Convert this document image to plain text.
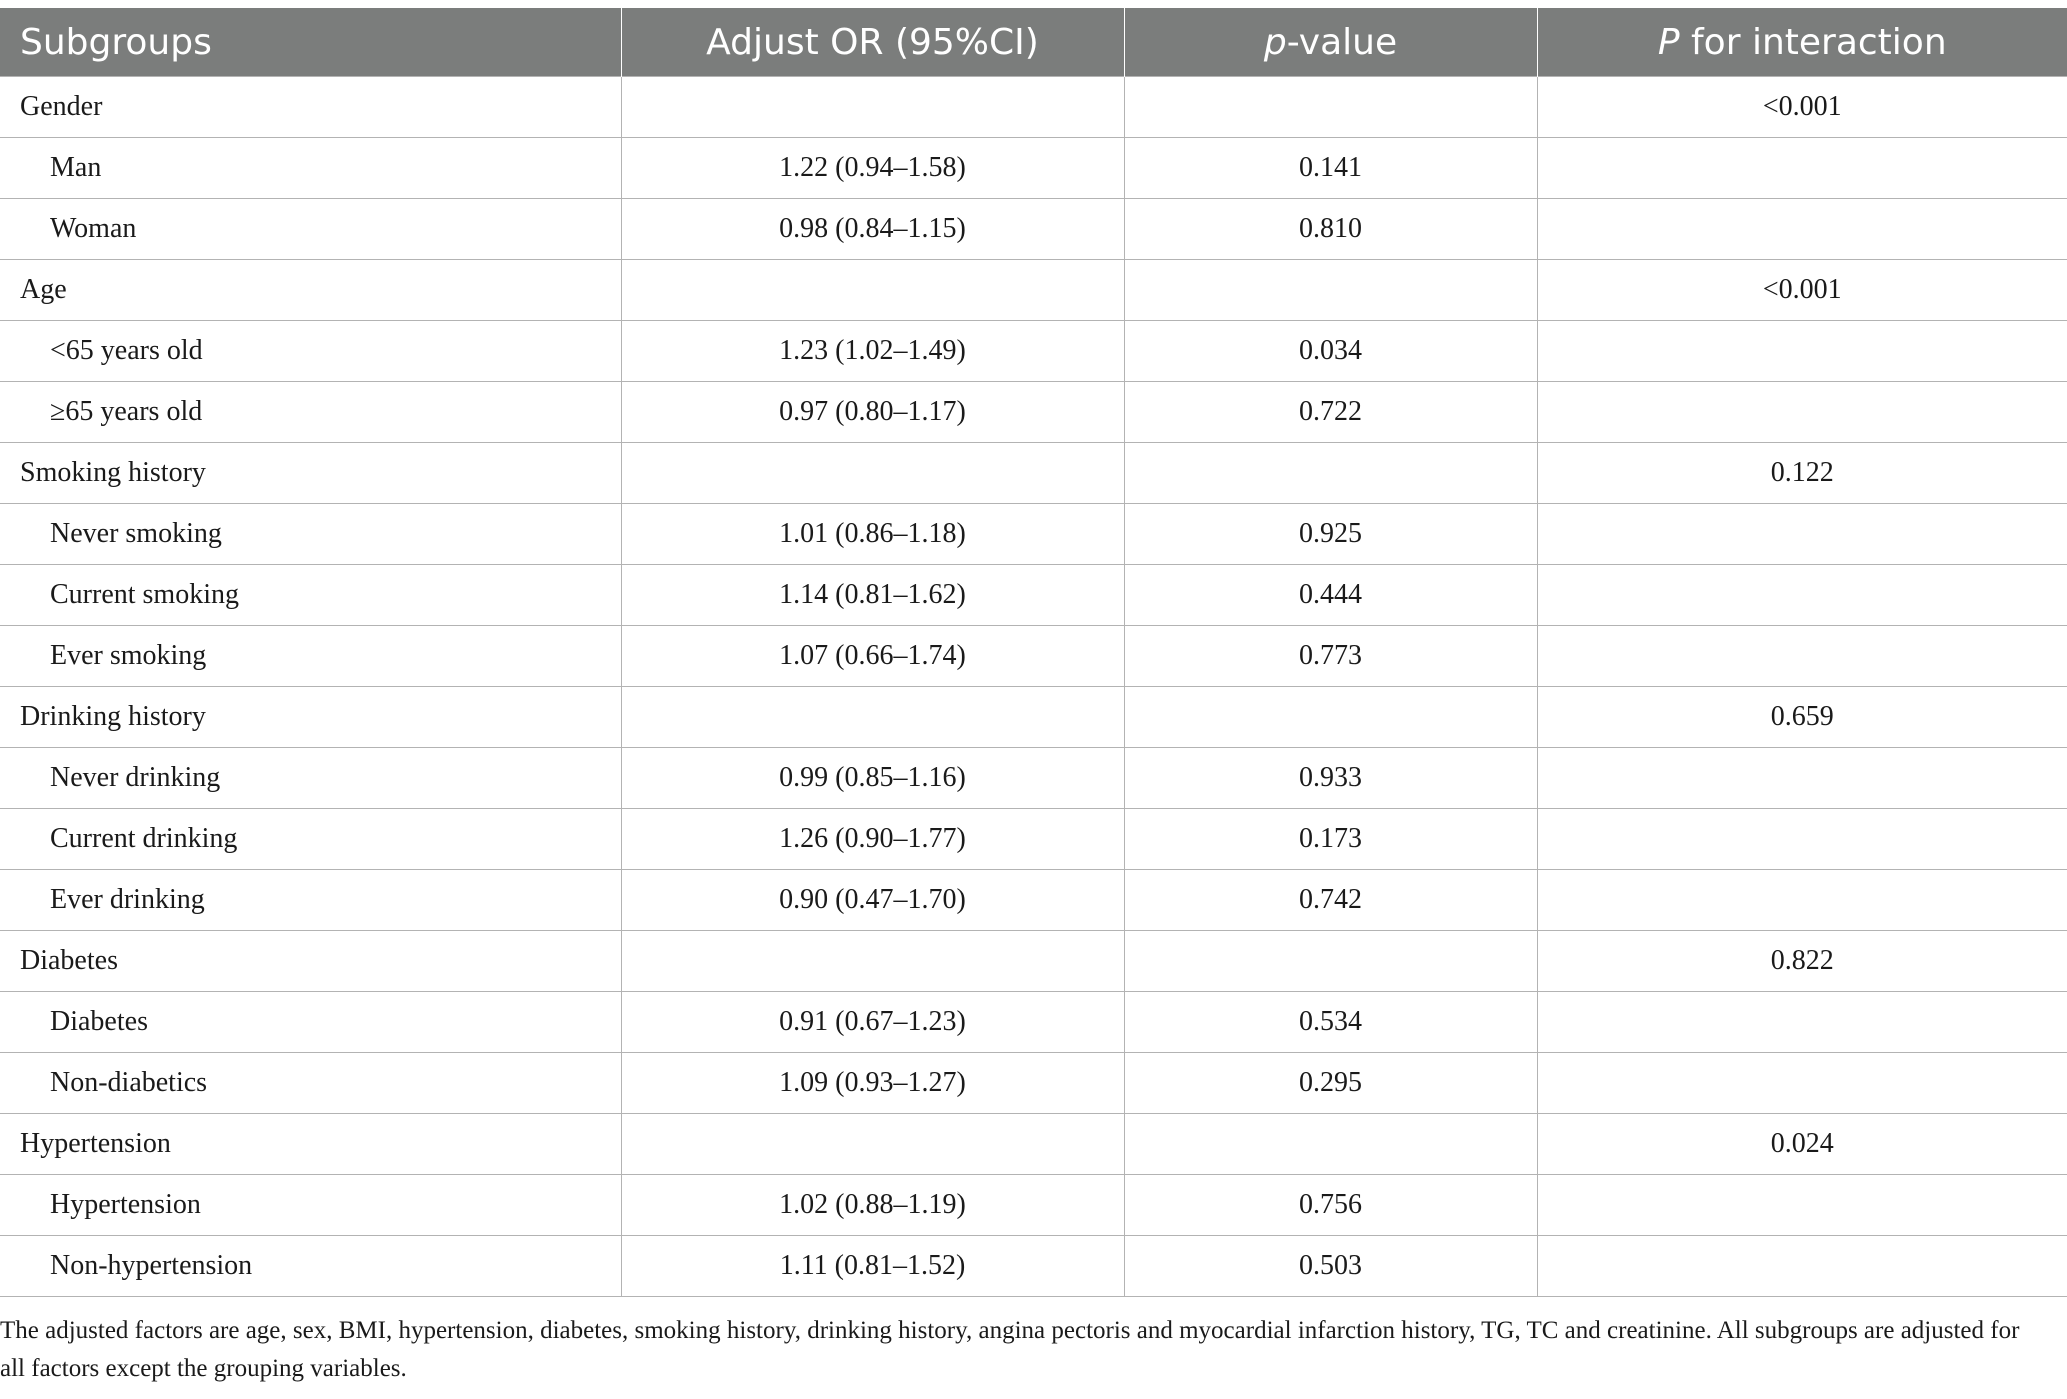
Subgroups	Adjust OR (95%CI)	p-value	P for interaction
Gender			<0.001
Man	1.22 (0.94–1.58)	0.141	
Woman	0.98 (0.84–1.15)	0.810	
Age			<0.001
<65 years old	1.23 (1.02–1.49)	0.034	
≥65 years old	0.97 (0.80–1.17)	0.722	
Smoking history			0.122
Never smoking	1.01 (0.86–1.18)	0.925	
Current smoking	1.14 (0.81–1.62)	0.444	
Ever smoking	1.07 (0.66–1.74)	0.773	
Drinking history			0.659
Never drinking	0.99 (0.85–1.16)	0.933	
Current drinking	1.26 (0.90–1.77)	0.173	
Ever drinking	0.90 (0.47–1.70)	0.742	
Diabetes			0.822
Diabetes	0.91 (0.67–1.23)	0.534	
Non-diabetics	1.09 (0.93–1.27)	0.295	
Hypertension			0.024
Hypertension	1.02 (0.88–1.19)	0.756	
Non-hypertension	1.11 (0.81–1.52)	0.503	
The adjusted factors are age, sex, BMI, hypertension, diabetes, smoking history, drinking history, angina pectoris and myocardial infarction history, TG, TC and creatinine. All subgroups are adjusted for all factors except the grouping variables.
